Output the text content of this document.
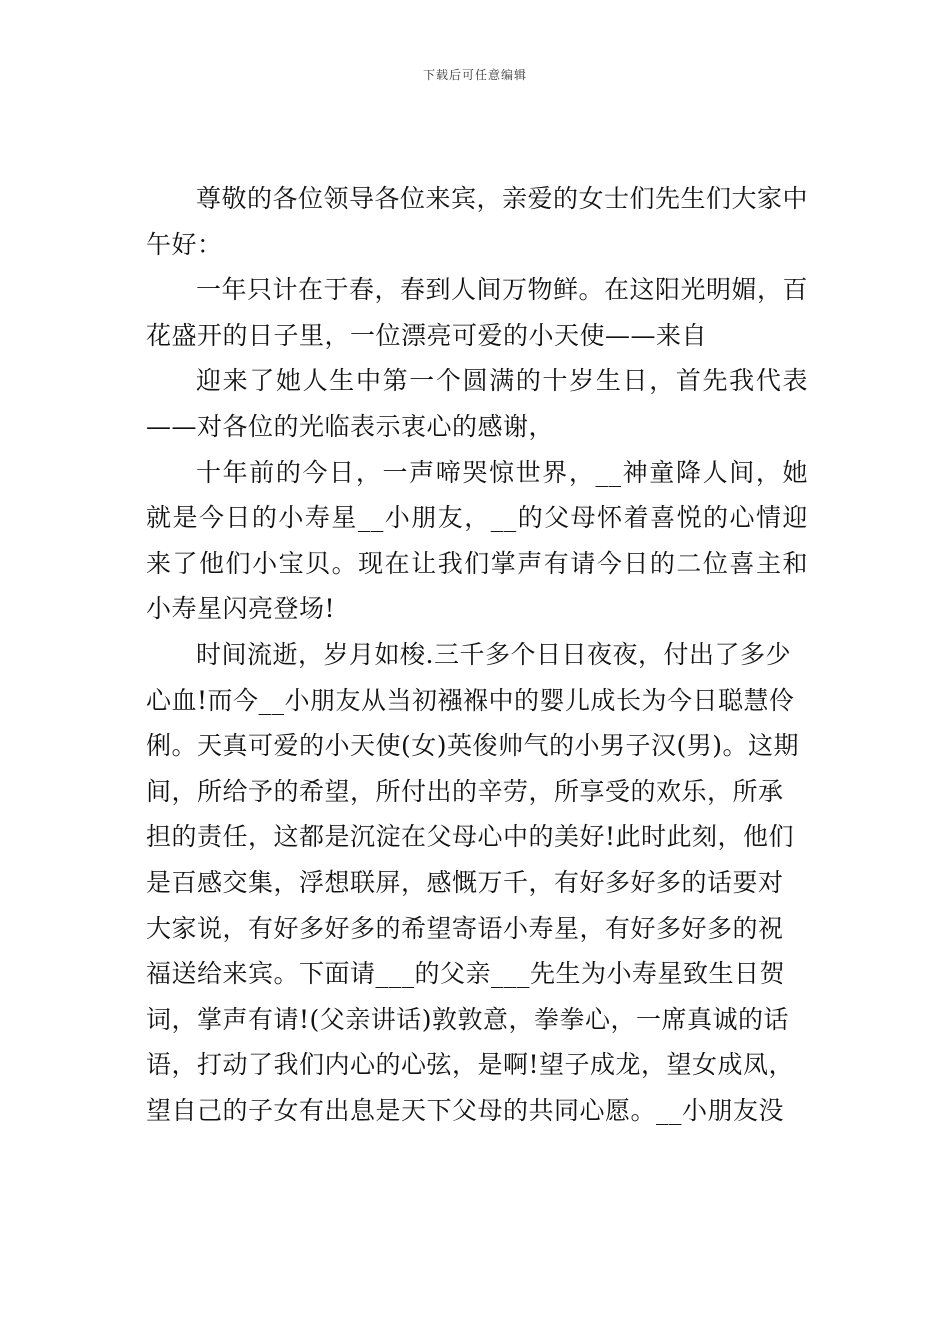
下载后可任意编辑

尊敬的各位领导各位来宾，亲爱的女士们先生们大家中午好：

一年只计在于春，春到人间万物鲜。在这阳光明媚，百花盛开的日子里，一位漂亮可爱的小天使——来自

迎来了她人生中第一个圆满的十岁生日，首先我代表——对各位的光临表示衷心的感谢，

十年前的今日，一声啼哭惊世界，__神童降人间，她就是今日的小寿星__小朋友，__的父母怀着喜悦的心情迎来了他们小宝贝。现在让我们掌声有请今日的二位喜主和小寿星闪亮登场!

时间流逝，岁月如梭.三千多个日日夜夜，付出了多少心血!而今__小朋友从当初襁褓中的婴儿成长为今日聪慧伶俐。天真可爱的小天使(女)英俊帅气的小男子汉(男)。这期间，所给予的希望，所付出的辛劳，所享受的欢乐，所承担的责任，这都是沉淀在父母心中的美好!此时此刻，他们是百感交集，浮想联屏，感慨万千，有好多好多的话要对大家说，有好多好多的希望寄语小寿星，有好多好多的祝福送给来宾。下面请___的父亲___先生为小寿星致生日贺词，掌声有请!(父亲讲话)敦敦意，拳拳心，一席真诚的话语，打动了我们内心的心弦，是啊!望子成龙，望女成凤，望自己的子女有出息是天下父母的共同心愿。__小朋友没
